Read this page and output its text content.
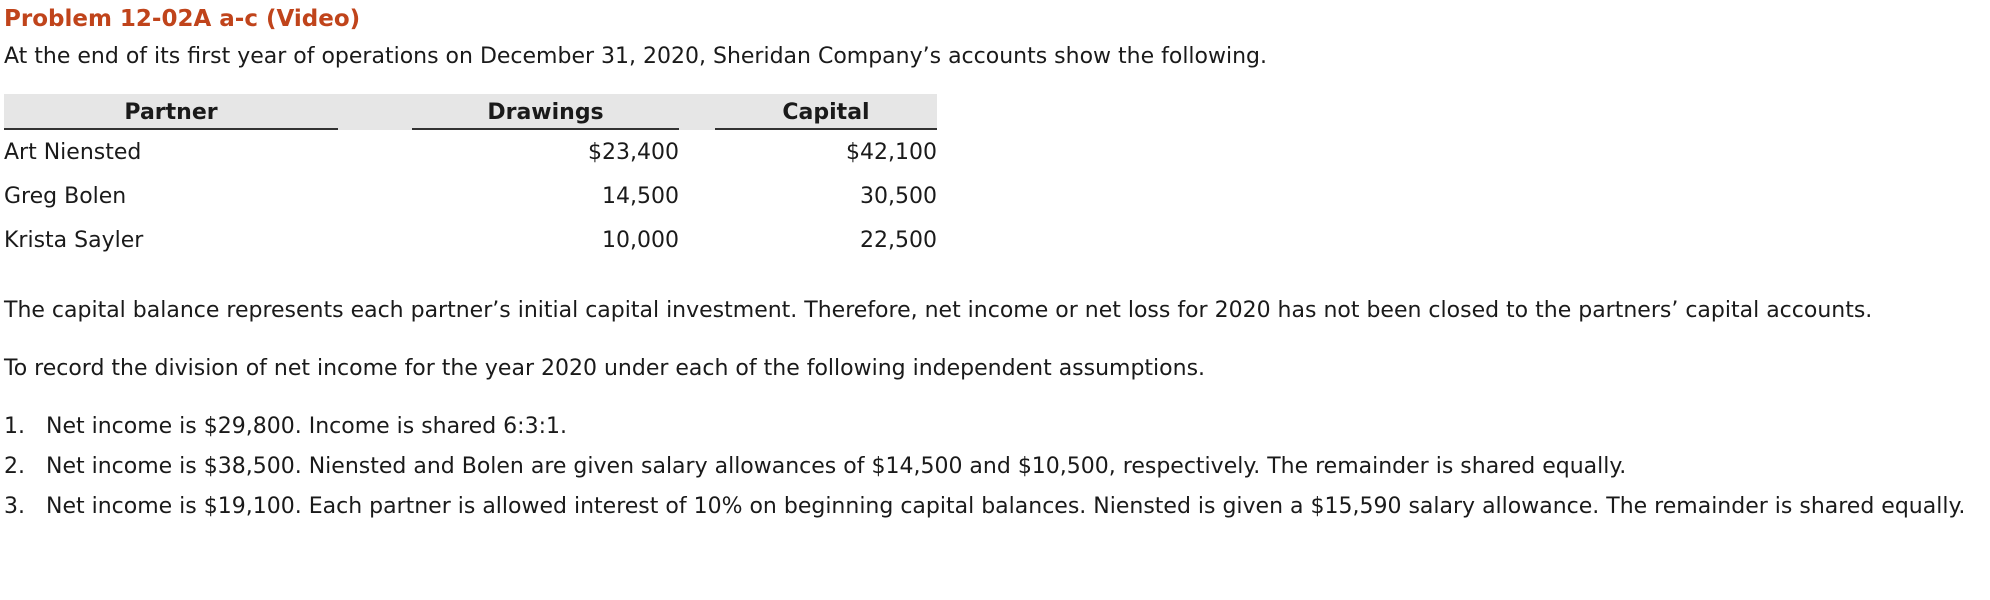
Problem 12-02A a-c (Video)

At the end of its first year of operations on December 31, 2020, Sheridan Company’s accounts show the following.

Partner		Drawings		Capital

Art Niensted		$23,400		$42,100
Greg Bolen		14,500		30,500
Krista Sayler		10,000		22,500

The capital balance represents each partner’s initial capital investment. Therefore, net income or net loss for 2020 has not been closed to the partners’ capital accounts.

To record the division of net income for the year 2020 under each of the following independent assumptions.

1. Net income is $29,800. Income is shared 6:3:1.
2. Net income is $38,500. Niensted and Bolen are given salary allowances of $14,500 and $10,500, respectively. The remainder is shared equally.
3. Net income is $19,100. Each partner is allowed interest of 10% on beginning capital balances. Niensted is given a $15,590 salary allowance. The remainder is shared equally.
